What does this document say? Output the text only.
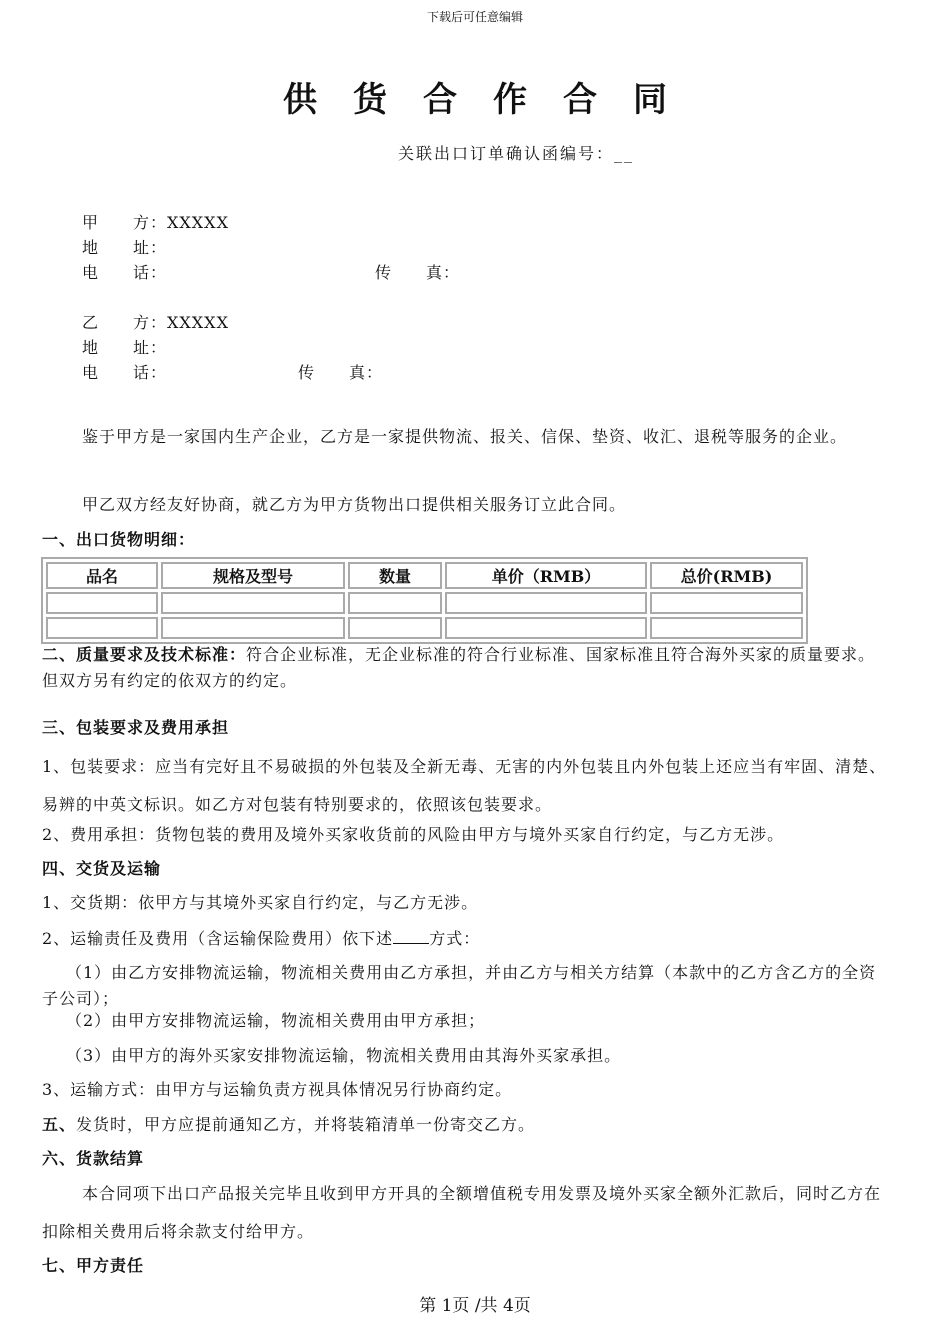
下载后可任意编辑
供货合作合同
关联出口订单确认函编号：__
甲　　方：XXXXX
地　　址：
电　　话：	传　　真：
乙　　方：XXXXX
地　　址：
电　　话：	传　　真：
鉴于甲方是一家国内生产企业，乙方是一家提供物流、报关、信保、垫资、收汇、退税等服务的企业。
甲乙双方经友好协商，就乙方为甲方货物出口提供相关服务订立此合同。
一、出口货物明细：
品名	规格及型号	数量	单价（RMB）	总价(RMB)

二、质量要求及技术标准：符合企业标准，无企业标准的符合行业标准、国家标准且符合海外买家的质量要求。但双方另有约定的依双方的约定。
三、包装要求及费用承担
1、包装要求：应当有完好且不易破损的外包装及全新无毒、无害的内外包装且内外包装上还应当有牢固、清楚、易辨的中英文标识。如乙方对包装有特别要求的，依照该包装要求。
2、费用承担：货物包装的费用及境外买家收货前的风险由甲方与境外买家自行约定，与乙方无涉。
四、交货及运输
1、交货期：依甲方与其境外买家自行约定，与乙方无涉。
2、运输责任及费用（含运输保险费用）依下述 方式：
（1）由乙方安排物流运输，物流相关费用由乙方承担，并由乙方与相关方结算（本款中的乙方含乙方的全资子公司）；
（2）由甲方安排物流运输，物流相关费用由甲方承担；
（3）由甲方的海外买家安排物流运输，物流相关费用由其海外买家承担。
3、运输方式：由甲方与运输负责方视具体情况另行协商约定。
五、发货时，甲方应提前通知乙方，并将装箱清单一份寄交乙方。
六、货款结算
本合同项下出口产品报关完毕且收到甲方开具的全额增值税专用发票及境外买家全额外汇款后，同时乙方在扣除相关费用后将余款支付给甲方。
七、甲方责任
第 1页 /共 4页
